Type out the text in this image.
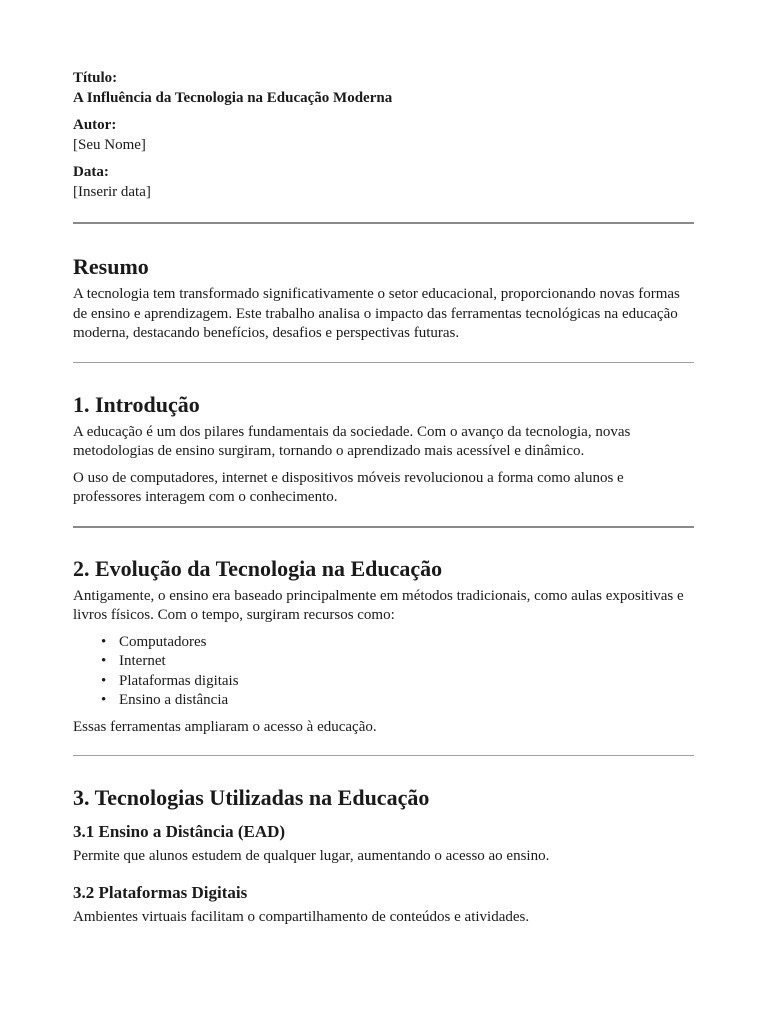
Título:

A Influência da Tecnologia na Educação Moderna

Autor:

[Seu Nome]

Data:

[Inserir data]

Resumo

A tecnologia tem transformado significativamente o setor educacional, proporcionando novas formas de ensino e aprendizagem. Este trabalho analisa o impacto das ferramentas tecnológicas na educação moderna, destacando benefícios, desafios e perspectivas futuras.

1. Introdução

A educação é um dos pilares fundamentais da sociedade. Com o avanço da tecnologia, novas metodologias de ensino surgiram, tornando o aprendizado mais acessível e dinâmico.

O uso de computadores, internet e dispositivos móveis revolucionou a forma como alunos e professores interagem com o conhecimento.

2. Evolução da Tecnologia na Educação

Antigamente, o ensino era baseado principalmente em métodos tradicionais, como aulas expositivas e livros físicos. Com o tempo, surgiram recursos como:

• Computadores
• Internet
• Plataformas digitais
• Ensino a distância

Essas ferramentas ampliaram o acesso à educação.

3. Tecnologias Utilizadas na Educação
3.1 Ensino a Distância (EAD)

Permite que alunos estudem de qualquer lugar, aumentando o acesso ao ensino.

3.2 Plataformas Digitais

Ambientes virtuais facilitam o compartilhamento de conteúdos e atividades.
